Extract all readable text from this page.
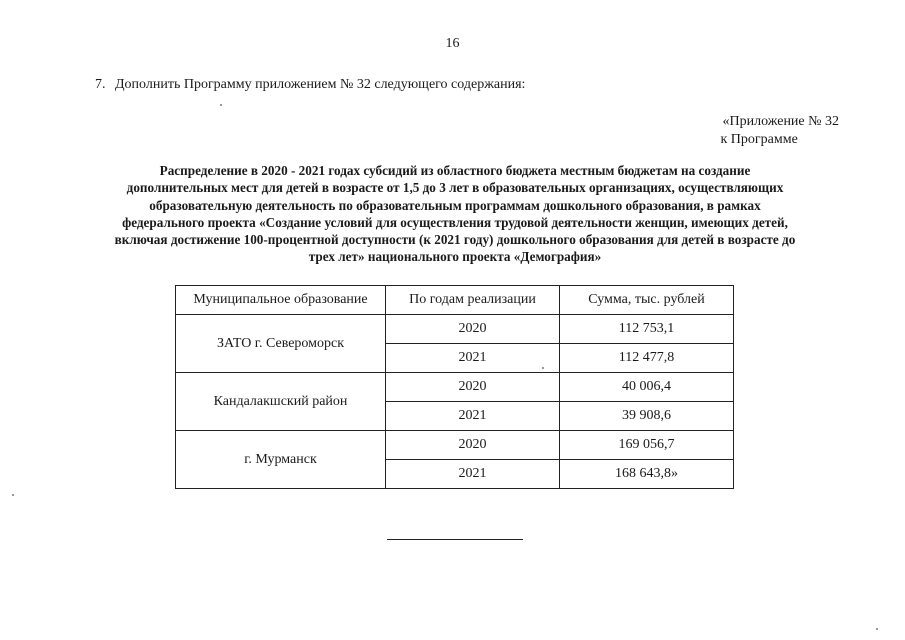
16
7. Дополнить Программу приложением № 32 следующего содержания:
«Приложение № 32
к Программе
Распределение в 2020 - 2021 годах субсидий из областного бюджета местным бюджетам на создание
дополнительных мест для детей в возрасте от 1,5 до 3 лет в образовательных организациях, осуществляющих
образовательную деятельность по образовательным программам дошкольного образования, в рамках
федерального проекта «Создание условий для осуществления трудовой деятельности женщин, имеющих детей,
включая достижение 100-процентной доступности (к 2021 году) дошкольного образования для детей в возрасте до
трех лет» национального проекта «Демография»
Муниципальное образование	По годам реализации	Сумма, тыс. рублей
ЗАТО г. Североморск	2020	112 753,1
	2021	112 477,8
Кандалакшский район	2020	40 006,4
	2021	39 908,6
г. Мурманск	2020	169 056,7
	2021	168 643,8»
